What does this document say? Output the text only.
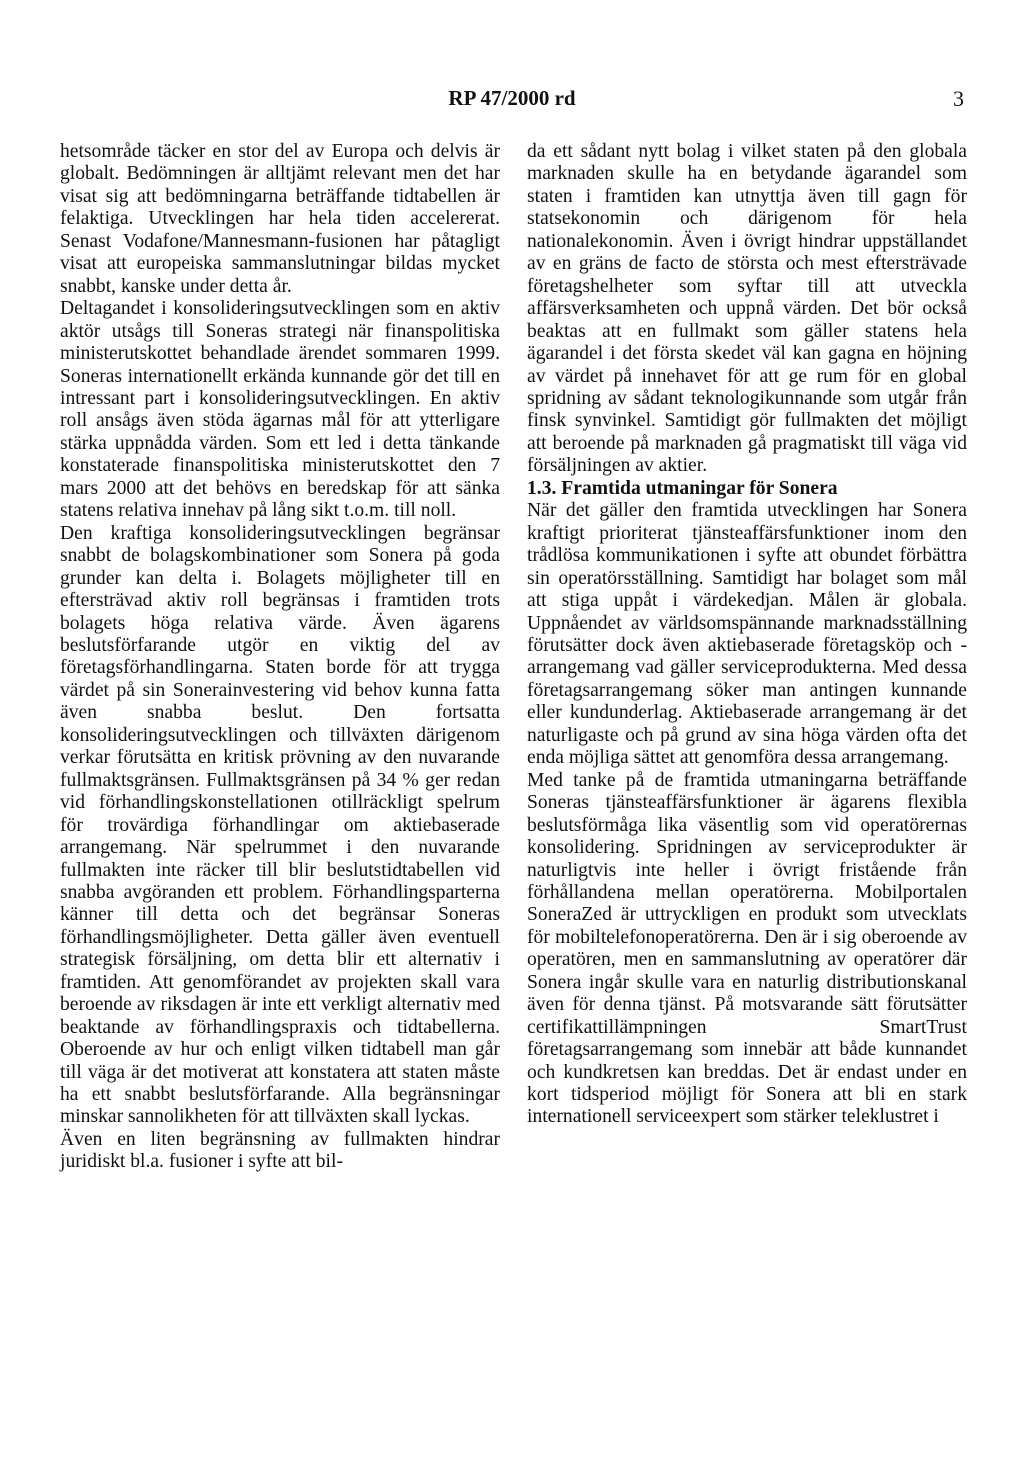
RP 47/2000 rd	3

hetsområde täcker en stor del av Europa och delvis är globalt. Bedömningen är alltjämt relevant men det har visat sig att bedömningarna beträffande tidtabellen är felaktiga. Utvecklingen har hela tiden accelererat. Senast Vodafone/Mannesmann-fusionen har påtagligt visat att europeiska sammanslutningar bildas mycket snabbt, kanske under detta år.

Deltagandet i konsolideringsutvecklingen som en aktiv aktör utsågs till Soneras strategi när finanspolitiska ministerutskottet behandlade ärendet sommaren 1999. Soneras internationellt erkända kunnande gör det till en intressant part i konsolideringsutvecklingen. En aktiv roll ansågs även stöda ägarnas mål för att ytterligare stärka uppnådda värden. Som ett led i detta tänkande konstaterade finanspolitiska ministerutskottet den 7 mars 2000 att det behövs en beredskap för att sänka statens relativa innehav på lång sikt t.o.m. till noll.

Den kraftiga konsolideringsutvecklingen begränsar snabbt de bolagskombinationer som Sonera på goda grunder kan delta i. Bolagets möjligheter till en eftersträvad aktiv roll begränsas i framtiden trots bolagets höga relativa värde. Även ägarens beslutsförfarande utgör en viktig del av företagsförhandlingarna. Staten borde för att trygga värdet på sin Sonerainvestering vid behov kunna fatta även snabba beslut. Den fortsatta konsolideringsutvecklingen och tillväxten därigenom verkar förutsätta en kritisk prövning av den nuvarande fullmaktsgränsen. Fullmaktsgränsen på 34 % ger redan vid förhandlingskonstellationen otillräckligt spelrum för trovärdiga förhandlingar om aktiebaserade arrangemang. När spelrummet i den nuvarande fullmakten inte räcker till blir beslutstidtabellen vid snabba avgöranden ett problem. Förhandlingsparterna känner till detta och det begränsar Soneras förhandlingsmöjligheter. Detta gäller även eventuell strategisk försäljning, om detta blir ett alternativ i framtiden. Att genomförandet av projekten skall vara beroende av riksdagen är inte ett verkligt alternativ med beaktande av förhandlingspraxis och tidtabellerna. Oberoende av hur och enligt vilken tidtabell man går till väga är det motiverat att konstatera att staten måste ha ett snabbt beslutsförfarande. Alla begränsningar minskar sannolikheten för att tillväxten skall lyckas.

Även en liten begränsning av fullmakten hindrar juridiskt bl.a. fusioner i syfte att bil-

da ett sådant nytt bolag i vilket staten på den globala marknaden skulle ha en betydande ägarandel som staten i framtiden kan utnyttja även till gagn för statsekonomin och därigenom för hela nationalekonomin. Även i övrigt hindrar uppställandet av en gräns de facto de största och mest eftersträvade företagshelheter som syftar till att utveckla affärsverksamheten och uppnå värden. Det bör också beaktas att en fullmakt som gäller statens hela ägarandel i det första skedet väl kan gagna en höjning av värdet på innehavet för att ge rum för en global spridning av sådant teknologikunnande som utgår från finsk synvinkel. Samtidigt gör fullmakten det möjligt att beroende på marknaden gå pragmatiskt till väga vid försäljningen av aktier.

1.3. Framtida utmaningar för Sonera

När det gäller den framtida utvecklingen har Sonera kraftigt prioriterat tjänsteaffärsfunktioner inom den trådlösa kommunikationen i syfte att obundet förbättra sin operatörsställning. Samtidigt har bolaget som mål att stiga uppåt i värdekedjan. Målen är globala. Uppnåendet av världsomspännande marknadsställning förutsätter dock även aktiebaserade företagsköp och -arrangemang vad gäller serviceprodukterna. Med dessa företagsarrangemang söker man antingen kunnande eller kundunderlag. Aktiebaserade arrangemang är det naturligaste och på grund av sina höga värden ofta det enda möjliga sättet att genomföra dessa arrangemang.

Med tanke på de framtida utmaningarna beträffande Soneras tjänsteaffärsfunktioner är ägarens flexibla beslutsförmåga lika väsentlig som vid operatörernas konsolidering. Spridningen av serviceprodukter är naturligtvis inte heller i övrigt fristående från förhållandena mellan operatörerna. Mobilportalen SoneraZed är uttryckligen en produkt som utvecklats för mobiltelefonoperatörerna. Den är i sig oberoende av operatören, men en sammanslutning av operatörer där Sonera ingår skulle vara en naturlig distributionskanal även för denna tjänst. På motsvarande sätt förutsätter certifikattillämpningen SmartTrust företagsarrangemang som innebär att både kunnandet och kundkretsen kan breddas. Det är endast under en kort tidsperiod möjligt för Sonera att bli en stark internationell serviceexpert som stärker teleklustret i
